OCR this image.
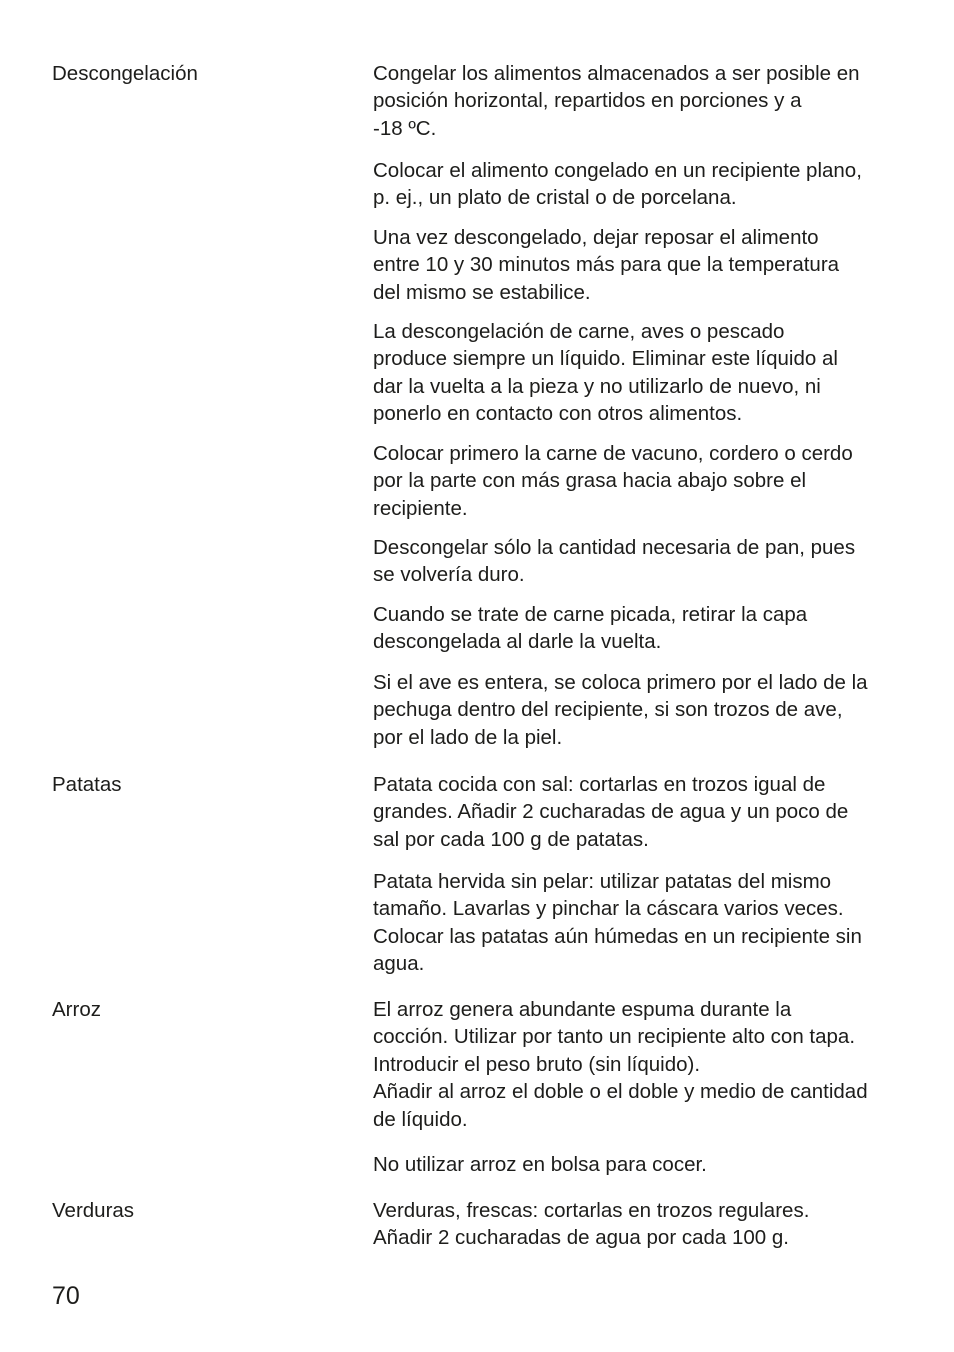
Descongelación	Congelar los alimentos almacenados a ser posible en
posición horizontal, repartidos en porciones y a
-18 ºC.

Colocar el alimento congelado en un recipiente plano,
p. ej., un plato de cristal o de porcelana.

Una vez descongelado, dejar reposar el alimento
entre 10 y 30 minutos más para que la temperatura
del mismo se estabilice.

La descongelación de carne, aves o pescado
produce siempre un líquido. Eliminar este líquido al
dar la vuelta a la pieza y no utilizarlo de nuevo, ni
ponerlo en contacto con otros alimentos.

Colocar primero la carne de vacuno, cordero o cerdo
por la parte con más grasa hacia abajo sobre el
recipiente.

Descongelar sólo la cantidad necesaria de pan, pues
se volvería duro.

Cuando se trate de carne picada, retirar la capa
descongelada al darle la vuelta.

Si el ave es entera, se coloca primero por el lado de la
pechuga dentro del recipiente, si son trozos de ave,
por el lado de la piel.

Patatas	Patata cocida con sal: cortarlas en trozos igual de
grandes. Añadir 2 cucharadas de agua y un poco de
sal por cada 100 g de patatas.

Patata hervida sin pelar: utilizar patatas del mismo
tamaño. Lavarlas y pinchar la cáscara varios veces.
Colocar las patatas aún húmedas en un recipiente sin
agua.

Arroz	El arroz genera abundante espuma durante la
cocción. Utilizar por tanto un recipiente alto con tapa.
Introducir el peso bruto (sin líquido).
Añadir al arroz el doble o el doble y medio de cantidad
de líquido.

No utilizar arroz en bolsa para cocer.

Verduras	Verduras, frescas: cortarlas en trozos regulares.
Añadir 2 cucharadas de agua por cada 100 g.

70
